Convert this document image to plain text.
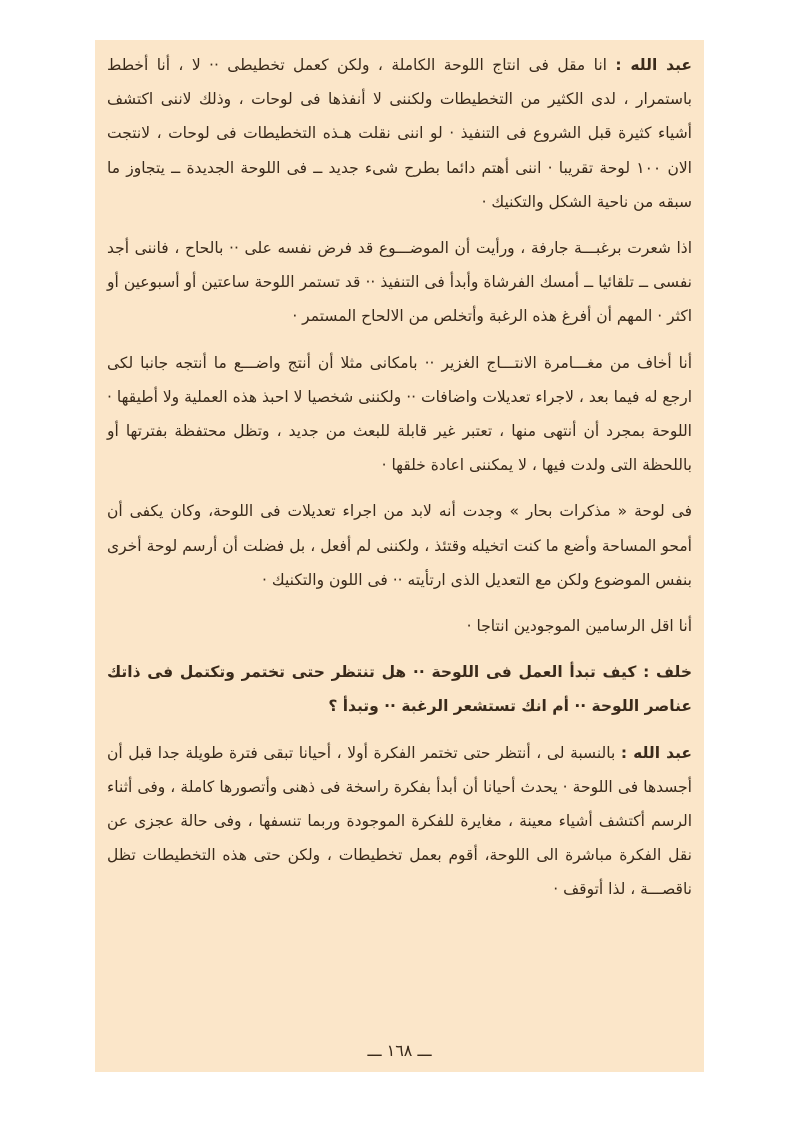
عبد الله : انا مقل فى انتاج اللوحة الكاملة ، ولكن كعمل تخطيطى ·· لا ، أنا أخطط باستمرار ، لدى الكثير من التخطيطات ولكننى لا أنفذها فى لوحات ، وذلك لاننى اكتشف أشياء كثيرة قبل الشروع فى التنفيذ · لو اننى نقلت هـذه التخطيطات فى لوحات ، لانتجت الان ١٠٠ لوحة تقريبا · اننى أهتم دائما بطرح شىء جديد ــ فى اللوحة الجديدة ــ يتجاوز ما سبقه من ناحية الشكل والتكنيك ·

اذا شعرت برغبـــة جارفة ، ورأيت أن الموضـــوع قد فرض نفسه على ·· بالحاح ، فاننى أجد نفسى ــ تلقائيا ــ أمسك الفرشاة وأبدأ فى التنفيذ ·· قد تستمر اللوحة ساعتين أو أسبوعين أو اكثر · المهم أن أفرغ هذه الرغبة وأتخلص من الالحاح المستمر ·

أنا أخاف من مغـــامرة الانتـــاج الغزير ·· بامكانى مثلا أن أنتج واضـــع ما أنتجه جانبا لكى ارجع له فيما بعد ، لاجراء تعديلات واضافات ·· ولكننى شخصيا لا احبذ هذه العملية ولا أطيقها · اللوحة بمجرد أن أنتهى منها ، تعتبر غير قابلة للبعث من جديد ، وتظل محتفظة بفترتها أو باللحظة التى ولدت فيها ، لا يمكننى اعادة خلقها ·

فى لوحة « مذكرات بحار » وجدت أنه لابد من اجراء تعديلات فى اللوحة، وكان يكفى أن أمحو المساحة وأضع ما كنت اتخيله وقتئذ ، ولكننى لم أفعل ، بل فضلت أن أرسم لوحة أخرى بنفس الموضوع ولكن مع التعديل الذى ارتأيته ·· فى اللون والتكنيك ·

أنا اقل الرسامين الموجودين انتاجا ·

خلف : كيف تبدأ العمل فى اللوحة ·· هل تنتظر حتى تختمر وتكتمل فى ذاتك عناصر اللوحة ·· أم انك تستشعر الرغبة ·· وتبدأ ؟

عبد الله : بالنسبة لى ، أنتظر حتى تختمر الفكرة أولا ، أحيانا تبقى فترة طويلة جدا قبل أن أجسدها فى اللوحة · يحدث أحيانا أن أبدأ بفكرة راسخة فى ذهنى وأتصورها كاملة ، وفى أثناء الرسم أكتشف أشياء معينة ، مغايرة للفكرة الموجودة وربما تنسفها ، وفى حالة عجزى عن نقل الفكرة مباشرة الى اللوحة، أقوم بعمل تخطيطات ، ولكن حتى هذه التخطيطات تظل ناقصـــة ، لذا أتوقف ·

ـــ ١٦٨ ـــ
